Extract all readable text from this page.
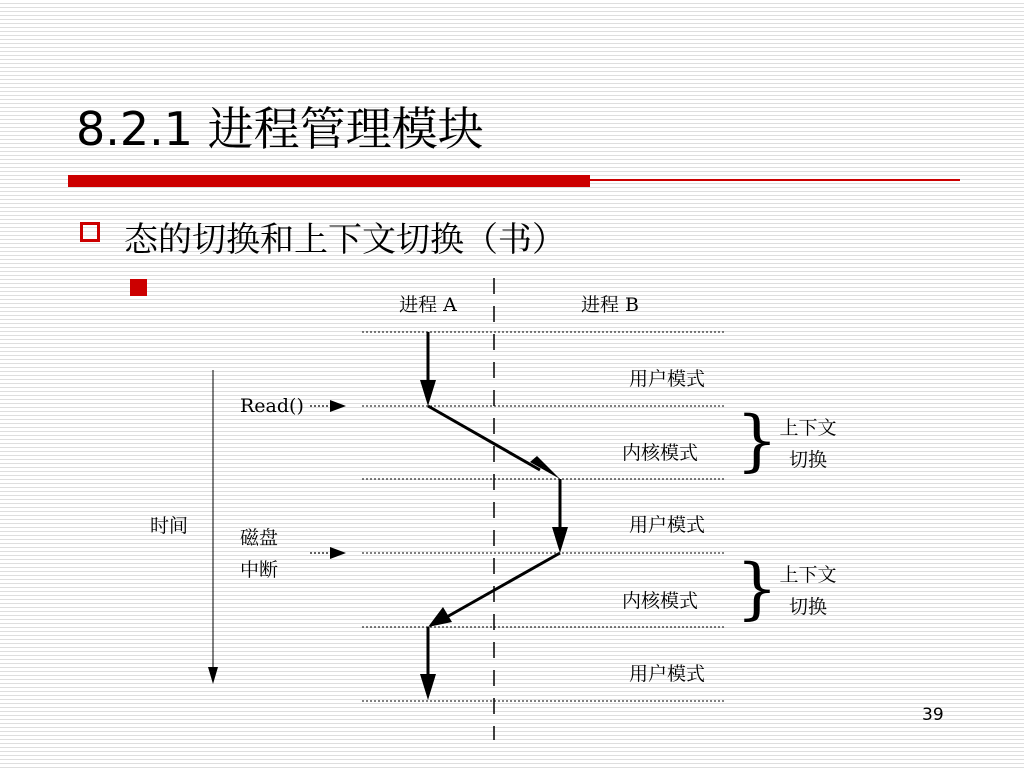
8.2.1 进程管理模块
态的切换和上下文切换（书）
进程 A	进程 B
用户模式
内核模式
用户模式
内核模式
用户模式
} 上下文
切换
} 上下文
切换
Read()
磁盘
中断
时间
39
